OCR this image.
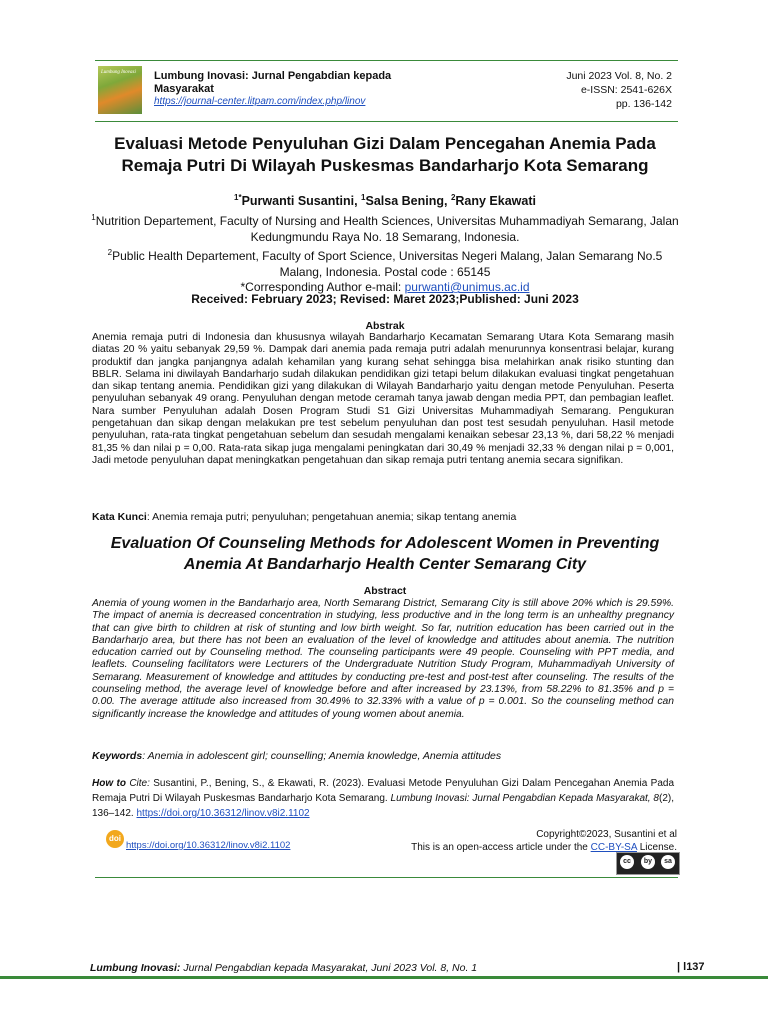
Lumbung Inovasi Lumbung Inovasi: Jurnal Pengabdian kepada Masyarakat
https://journal-center.litpam.com/index.php/linov
Juni 2023 Vol. 8, No. 2
e-ISSN: 2541-626X
pp. 136-142
Evaluasi Metode Penyuluhan Gizi Dalam Pencegahan Anemia Pada Remaja Putri Di Wilayah Puskesmas Bandarharjo Kota Semarang
$^{1*}$Purwanti Susantini, $^1$Salsa Bening, $^2$Rany Ekawati
$^1$Nutrition Departement, Faculty of Nursing and Health Sciences, Universitas Muhammadiyah Semarang, Jalan Kedungmundu Raya No. 18 Semarang, Indonesia.
$^2$Public Health Departement, Faculty of Sport Science, Universitas Negeri Malang, Jalan Semarang No.5 Malang, Indonesia. Postal code : 65145
*Corresponding Author e-mail: purwanti@unimus.ac.id
Received: February 2023; Revised: Maret 2023;Published: Juni 2023
Abstrak
Anemia remaja putri di Indonesia dan khususnya wilayah Bandarharjo Kecamatan Semarang Utara Kota Semarang masih diatas 20 % yaitu sebanyak 29,59 %. Dampak dari anemia pada remaja putri adalah menurunnya konsentrasi belajar, kurang produktif dan jangka panjangnya adalah kehamilan yang kurang sehat sehingga bisa melahirkan anak risiko stunting dan BBLR. Selama ini diwilayah Bandarharjo sudah dilakukan pendidikan gizi tetapi belum dilakukan evaluasi tingkat pengetahuan dan sikap tentang anemia. Pendidikan gizi yang dilakukan di Wilayah Bandarharjo yaitu dengan metode Penyuluhan. Peserta penyuluhan sebanyak 49 orang. Penyuluhan dengan metode ceramah tanya jawab dengan media PPT, dan pembagian leaflet. Nara sumber Penyuluhan adalah Dosen Program Studi S1 Gizi Universitas Muhammadiyah Semarang. Pengukuran pengetahuan dan sikap dengan melakukan pre test sebelum penyuluhan dan post test sesudah penyuluhan. Hasil metode penyuluhan, rata-rata tingkat pengetahuan sebelum dan sesudah mengalami kenaikan sebesar 23,13 %, dari 58,22 % menjadi 81,35 % dan nilai p = 0,00. Rata-rata sikap juga mengalami peningkatan dari 30,49 % menjadi 32,33 % dengan nilai p = 0,001, Jadi metode penyuluhan dapat meningkatkan pengetahuan dan sikap remaja putri tentang anemia secara signifikan.
Kata Kunci: Anemia remaja putri; penyuluhan; pengetahuan anemia; sikap tentang anemia
Evaluation Of Counseling Methods for Adolescent Women in Preventing Anemia At Bandarharjo Health Center Semarang City
Abstract
Anemia of young women in the Bandarharjo area, North Semarang District, Semarang City is still above 20% which is 29.59%. The impact of anemia is decreased concentration in studying, less productive and in the long term is an unhealthy pregnancy that can give birth to children at risk of stunting and low birth weight. So far, nutrition education has been carried out in the Bandarharjo area, but there has not been an evaluation of the level of knowledge and attitudes about anemia. The nutrition education carried out by Counseling method. The counseling participants were 49 people. Counseling with PPT media, and leaflets. Counseling facilitators were Lecturers of the Undergraduate Nutrition Study Program, Muhammadiyah University of Semarang. Measurement of knowledge and attitudes by conducting pre-test and post-test after counseling. The results of the counseling method, the average level of knowledge before and after increased by 23.13%, from 58.22% to 81.35% and p = 0.00. The average attitude also increased from 30.49% to 32.33% with a value of p = 0.001. So the counseling method can significantly increase the knowledge and attitudes of young women about anemia.
Keywords: Anemia in adolescent girl; counselling; Anemia knowledge, Anemia attitudes
How to Cite: Susantini, P., Bening, S., & Ekawati, R. (2023). Evaluasi Metode Penyuluhan Gizi Dalam Pencegahan Anemia Pada Remaja Putri Di Wilayah Puskesmas Bandarharjo Kota Semarang. Lumbung Inovasi: Jurnal Pengabdian Kepada Masyarakat, 8(2), 136–142. https://doi.org/10.36312/linov.v8i2.1102
doi
https://doi.org/10.36312/linov.v8i2.1102
Copyright©2023, Susantini et al
This is an open-access article under the CC-BY-SA License.
cc	by	sa
Lumbung Inovasi: Jurnal Pengabdian kepada Masyarakat, Juni 2023 Vol. 8, No. 1	| l137
